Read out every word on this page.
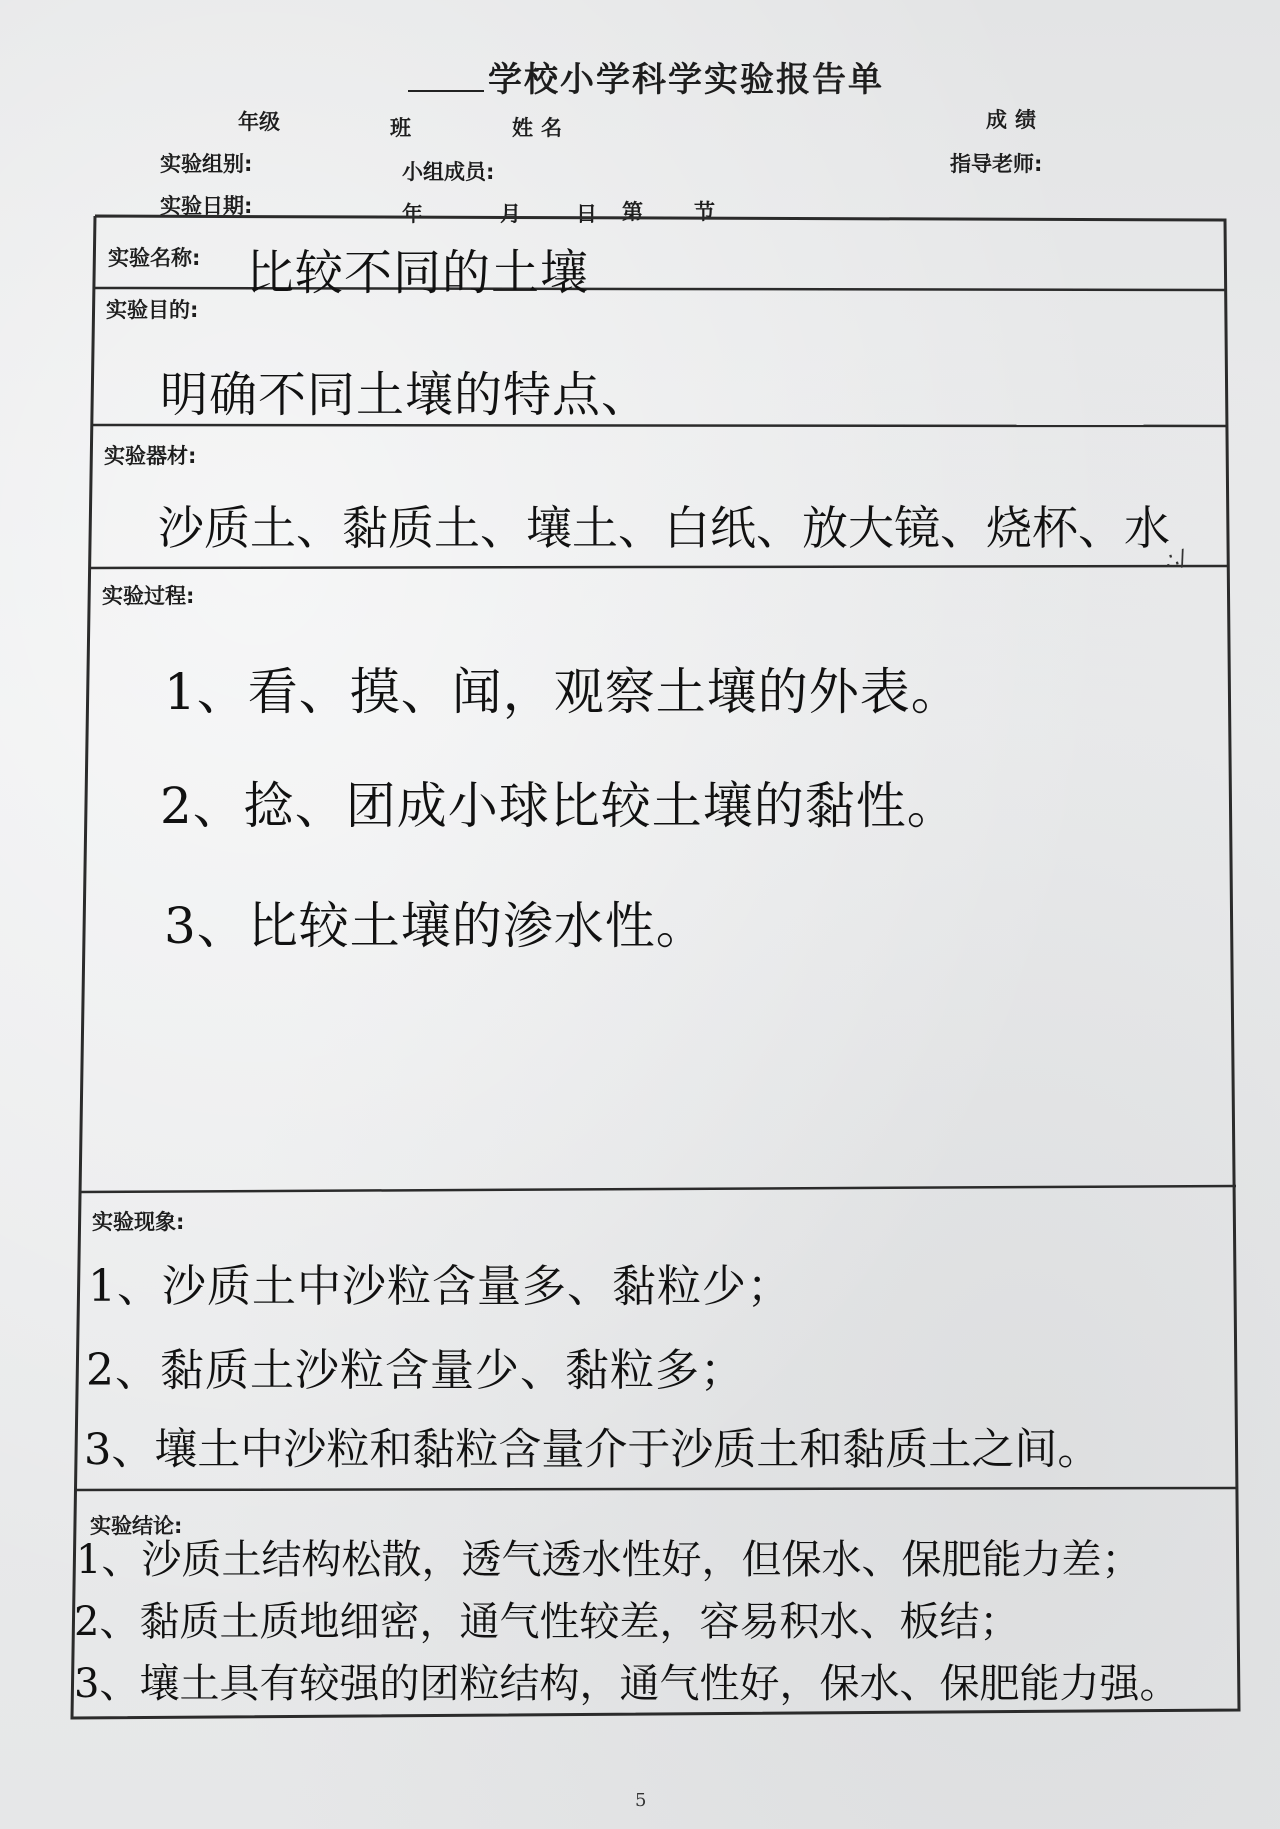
学校小学科学实验报告单
年级	班	姓名	成绩
实验组别:	小组成员:	指导老师:
实验日期:	年	月	日 第 节
实验名称: 比较不同的土壤
实验目的:
明确不同土壤的特点、
实验器材:
沙质土、黏质土、壤土、白纸、放大镜、烧杯、水
∴∕
实验过程:
1、看、摸、闻，观察土壤的外表。
2、捻、团成小球比较土壤的黏性。
3、比较土壤的渗水性。
实验现象:
1、沙质土中沙粒含量多、黏粒少；
2、黏质土沙粒含量少、黏粒多；
3、壤土中沙粒和黏粒含量介于沙质土和黏质土之间。
实验结论:
1、沙质土结构松散，透气透水性好，但保水、保肥能力差；
2、黏质土质地细密，通气性较差，容易积水、板结；
3、壤土具有较强的团粒结构，通气性好，保水、保肥能力强。
5
